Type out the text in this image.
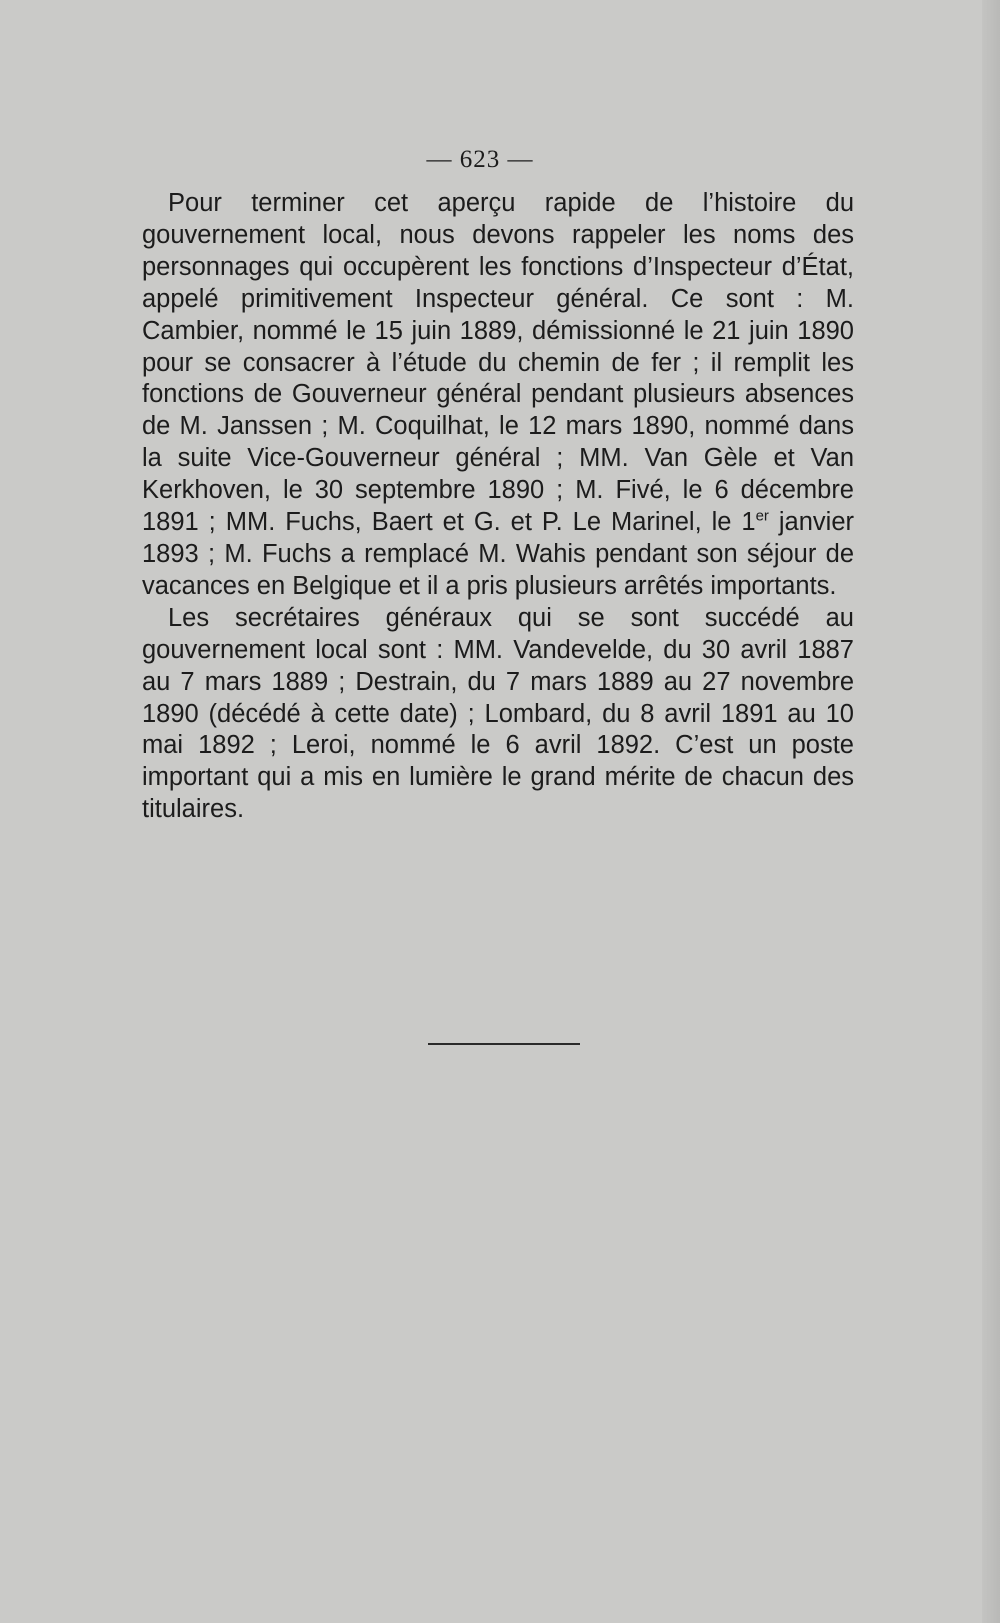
— 623 —

Pour terminer cet aperçu rapide de l’histoire du gouvernement local, nous devons rappeler les noms des personnages qui occupèrent les fonctions d’Inspecteur d’État, appelé primitivement Inspecteur général. Ce sont : M. Cambier, nommé le 15 juin 1889, démissionné le 21 juin 1890 pour se consacrer à l’étude du chemin de fer ; il remplit les fonctions de Gouverneur général pendant plusieurs absences de M. Janssen ; M. Coquilhat, le 12 mars 1890, nommé dans la suite Vice-Gouverneur général ; MM. Van Gèle et Van Kerkhoven, le 30 septembre 1890 ; M. Fivé, le 6 décembre 1891 ; MM. Fuchs, Baert et G. et P. Le Marinel, le 1er janvier 1893 ; M. Fuchs a remplacé M. Wahis pendant son séjour de vacances en Belgique et il a pris plusieurs arrêtés importants.

Les secrétaires généraux qui se sont succédé au gouvernement local sont : MM. Vandevelde, du 30 avril 1887 au 7 mars 1889 ; Destrain, du 7 mars 1889 au 27 novembre 1890 (décédé à cette date) ; Lombard, du 8 avril 1891 au 10 mai 1892 ; Leroi, nommé le 6 avril 1892. C’est un poste important qui a mis en lumière le grand mérite de chacun des titulaires.
